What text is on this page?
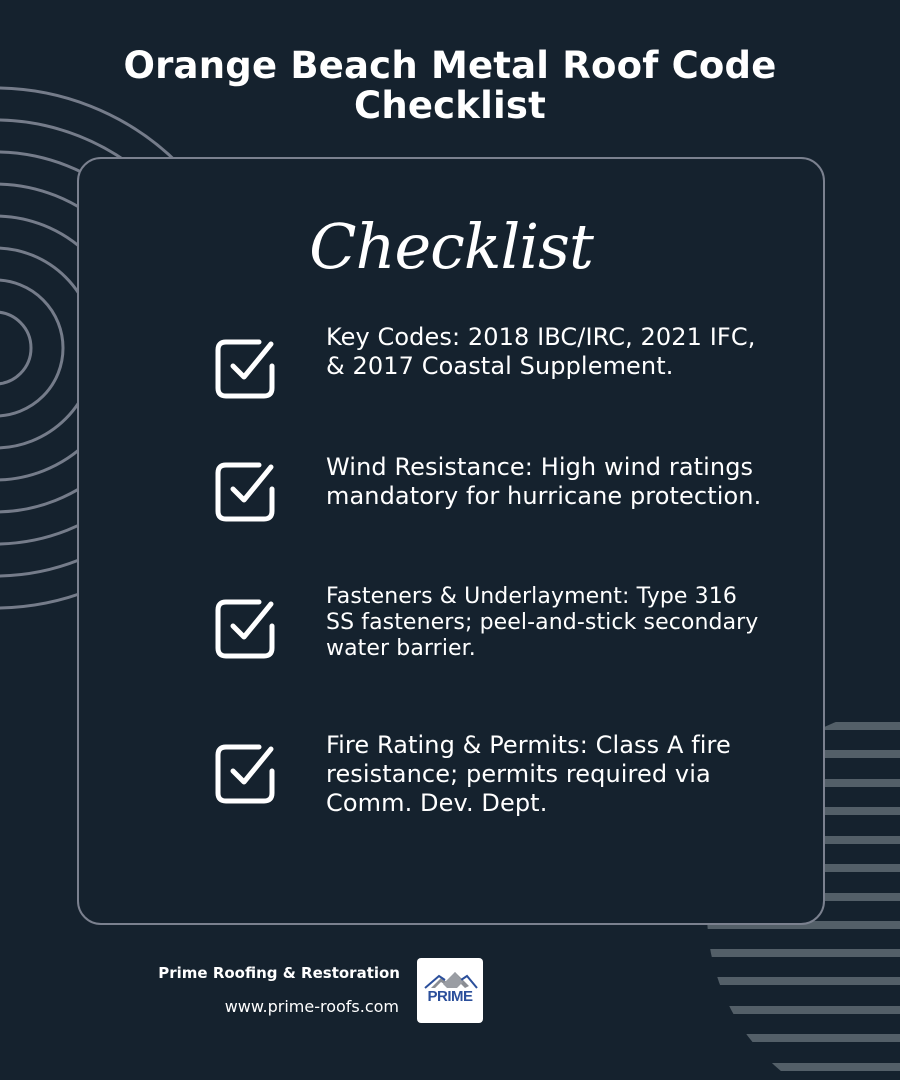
Orange Beach Metal Roof Code
Checklist
Checklist
Key Codes: 2018 IBC/IRC, 2021 IFC, & 2017 Coastal Supplement.
Wind Resistance: High wind ratings mandatory for hurricane protection.
Fasteners & Underlayment: Type 316 SS fasteners; peel-and-stick secondary water barrier.
Fire Rating & Permits: Class A fire resistance; permits required via Comm. Dev. Dept.
Prime Roofing & Restoration
www.prime-roofs.com
PRIME
